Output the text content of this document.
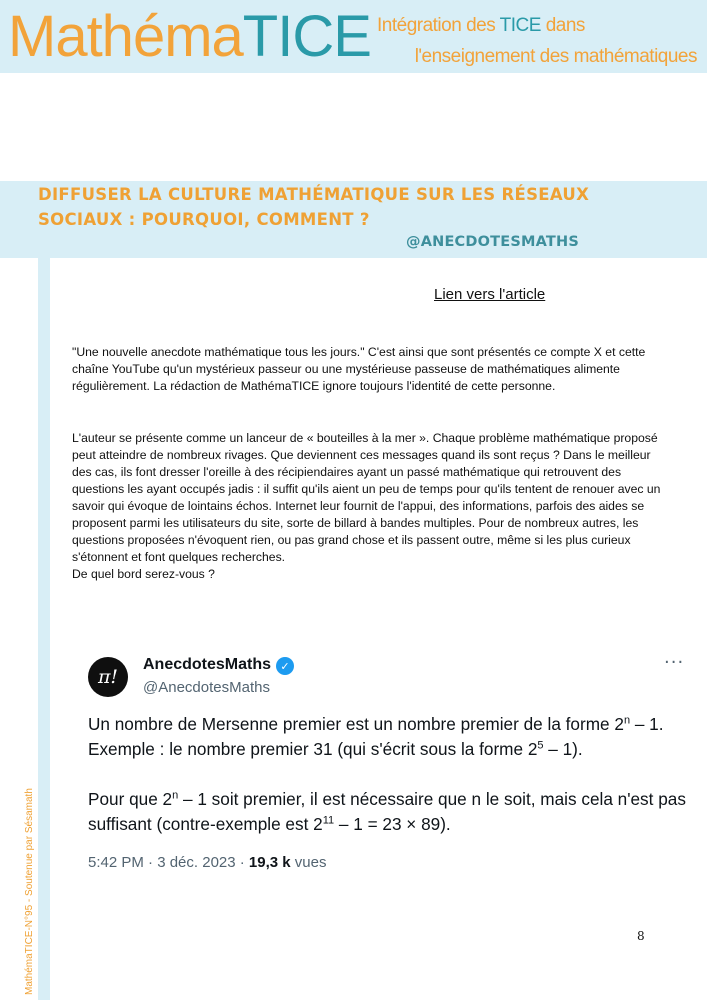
MathémaTICE Intégration des TICE dans
l'enseignement des mathématiques
DIFFUSER LA CULTURE MATHÉMATIQUE SUR LES RÉSEAUX SOCIAUX : POURQUOI, COMMENT ?
@ANECDOTESMATHS
MathémaTICE-N°95 - Soutenue par Sésamath
Lien vers l'article

"Une nouvelle anecdote mathématique tous les jours." C'est ainsi que sont présentés ce compte X et cette chaîne YouTube qu'un mystérieux passeur ou une mystérieuse passeuse de mathématiques alimente régulièrement. La rédaction de MathémaTICE ignore toujours l'identité de cette personne.

L'auteur se présente comme un lanceur de « bouteilles à la mer ». Chaque problème mathématique proposé peut atteindre de nombreux rivages. Que deviennent ces messages quand ils sont reçus ? Dans le meilleur des cas, ils font dresser l'oreille à des récipiendaires ayant un passé mathématique qui retrouvent des questions les ayant occupés jadis : il suffit qu'ils aient un peu de temps pour qu'ils tentent de renouer avec un savoir qui évoque de lointains échos. Internet leur fournit de l'appui, des informations, parfois des aides se proposent parmi les utilisateurs du site, sorte de billard à bandes multiples. Pour de nombreux autres, les questions proposées n'évoquent rien, ou pas grand chose et ils passent outre, même si les plus curieux s'étonnent et font quelques recherches.
De quel bord serez-vous ?
π!
AnecdotesMaths ✓
@AnecdotesMaths
···
Un nombre de Mersenne premier est un nombre premier de la forme 2$^n$ – 1. Exemple : le nombre premier 31 (qui s'écrit sous la forme $2^5 - 1$).
Pour que 2$^n$ – 1 soit premier, il est nécessaire que n le soit, mais cela n'est pas suffisant (contre-exemple est $2^{11} - 1 = 23 \times 89$).
5:42 PM · 3 déc. 2023 · 19,3 k vues
8
